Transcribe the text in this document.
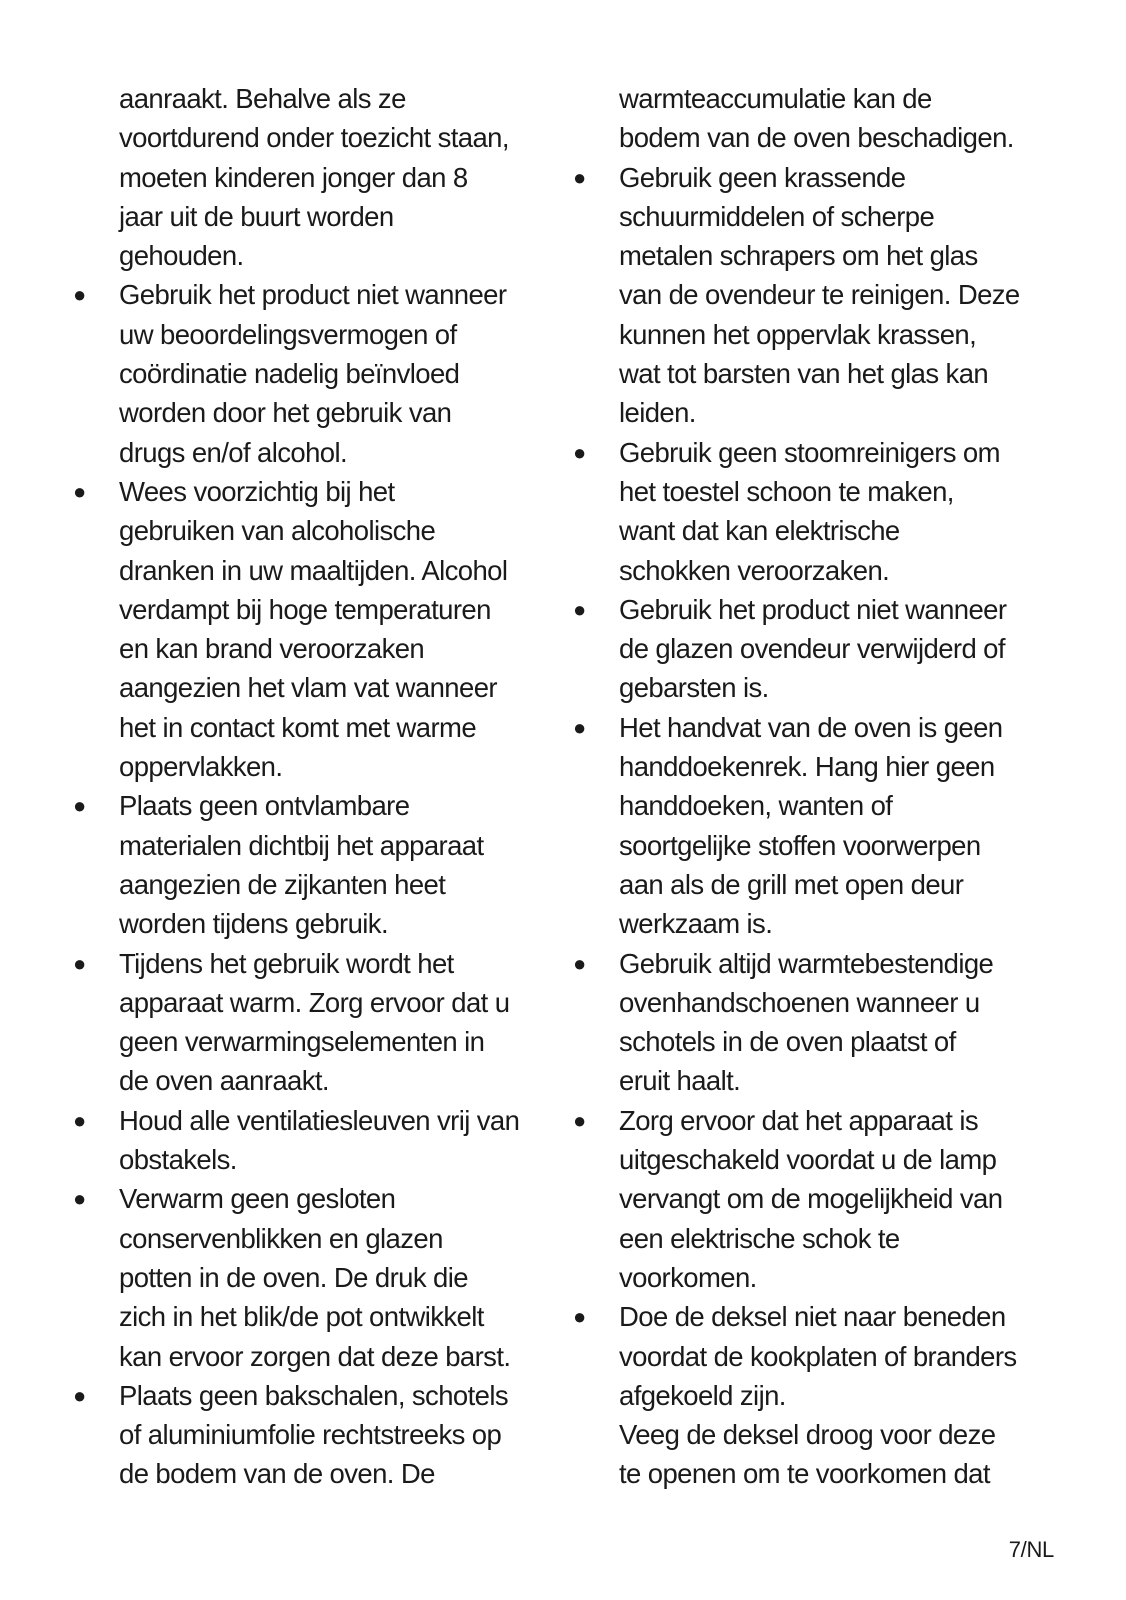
aanraakt. Behalve als ze
voortdurend onder toezicht staan,
moeten kinderen jonger dan 8
jaar uit de buurt worden
gehouden.
● Gebruik het product niet wanneer
uw beoordelingsvermogen of
coördinatie nadelig beïnvloed
worden door het gebruik van
drugs en/of alcohol.
● Wees voorzichtig bij het
gebruiken van alcoholische
dranken in uw maaltijden. Alcohol
verdampt bij hoge temperaturen
en kan brand veroorzaken
aangezien het vlam vat wanneer
het in contact komt met warme
oppervlakken.
● Plaats geen ontvlambare
materialen dichtbij het apparaat
aangezien de zijkanten heet
worden tijdens gebruik.
● Tijdens het gebruik wordt het
apparaat warm. Zorg ervoor dat u
geen verwarmingselementen in
de oven aanraakt.
● Houd alle ventilatiesleuven vrij van
obstakels.
● Verwarm geen gesloten
conservenblikken en glazen
potten in de oven. De druk die
zich in het blik/de pot ontwikkelt
kan ervoor zorgen dat deze barst.
● Plaats geen bakschalen, schotels
of aluminiumfolie rechtstreeks op
de bodem van de oven. De
warmteaccumulatie kan de
bodem van de oven beschadigen.
● Gebruik geen krassende
schuurmiddelen of scherpe
metalen schrapers om het glas
van de ovendeur te reinigen. Deze
kunnen het oppervlak krassen,
wat tot barsten van het glas kan
leiden.
● Gebruik geen stoomreinigers om
het toestel schoon te maken,
want dat kan elektrische
schokken veroorzaken.
● Gebruik het product niet wanneer
de glazen ovendeur verwijderd of
gebarsten is.
● Het handvat van de oven is geen
handdoekenrek. Hang hier geen
handdoeken, wanten of
soortgelijke stoffen voorwerpen
aan als de grill met open deur
werkzaam is.
● Gebruik altijd warmtebestendige
ovenhandschoenen wanneer u
schotels in de oven plaatst of
eruit haalt.
● Zorg ervoor dat het apparaat is
uitgeschakeld voordat u de lamp
vervangt om de mogelijkheid van
een elektrische schok te
voorkomen.
● Doe de deksel niet naar beneden
voordat de kookplaten of branders
afgekoeld zijn.
Veeg de deksel droog voor deze
te openen om te voorkomen dat
7/NL
